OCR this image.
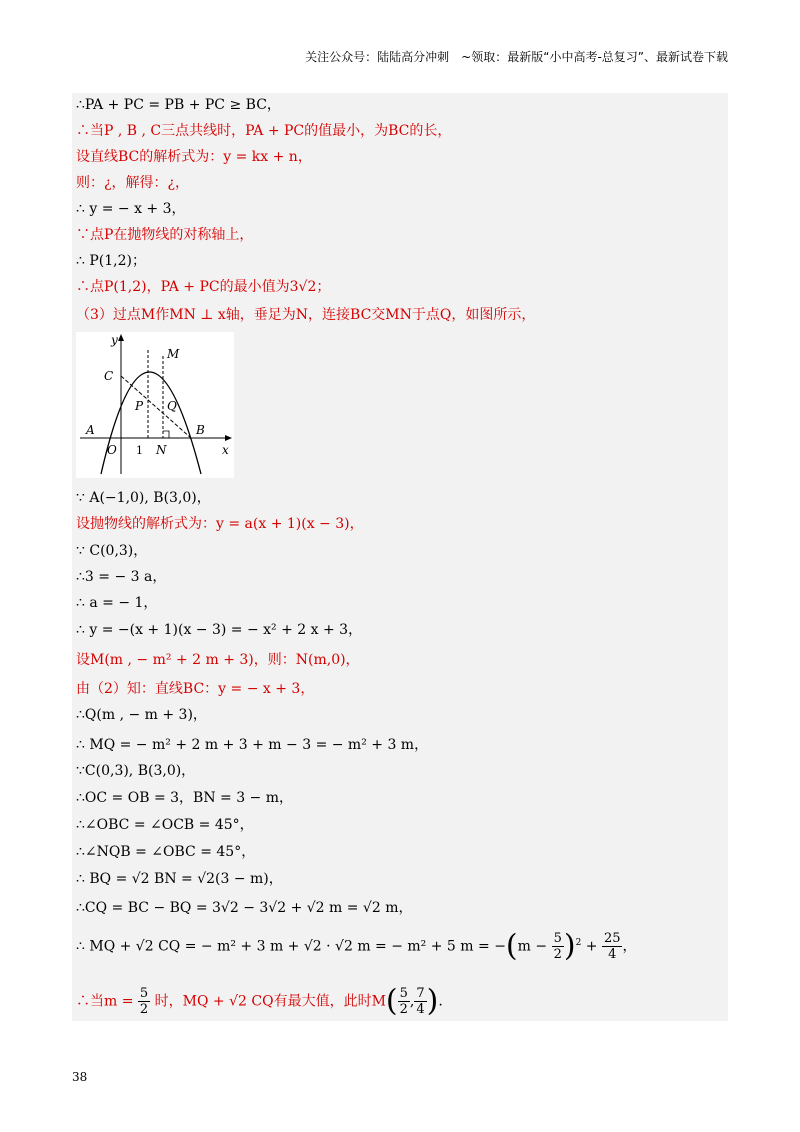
关注公众号：陆陆高分冲刺　~领取：最新版“小中高考-总复习”、最新试卷下载
∴PA + PC = PB + PC ≥ BC，
∴当P , B , C三点共线时，PA + PC的值最小，为BC的长，
设直线BC的解析式为：y = kx + n，
则：¿，解得：¿，
∴ y = − x + 3，
∵点P在抛物线的对称轴上，
∴ P(1,2)；
∴点P(1,2)，PA + PC的最小值为3√2；
（3）过点M作MN ⊥ x轴，垂足为N，连接BC交MN于点Q，如图所示，
∵ A(−1,0), B(3,0)，
设抛物线的解析式为：y = a(x + 1)(x − 3)，
∵ C(0,3)，
∴3 = − 3 a，
∴ a = − 1，
∴ y = −(x + 1)(x − 3) = − x² + 2 x + 3，
设M(m , − m² + 2 m + 3)，则：N(m,0)，
由（2）知：直线BC：y = − x + 3，
∴Q(m , − m + 3)，
∴ MQ = − m² + 2 m + 3 + m − 3 = − m² + 3 m，
∵C(0,3), B(3,0)，
∴OC = OB = 3，BN = 3 − m，
∴∠OBC = ∠OCB = 45°，
∴∠NQB = ∠OBC = 45°，
∴ BQ = √2 BN = √2(3 − m)，
∴CQ = BC − BQ = 3√2 − 3√2 + √2 m = √2 m，
∴ MQ + √2 CQ = − m² + 3 m + √2 · √2 m = − m² + 5 $m = -(m - \frac{5}{2} )^2 + \frac{25}{4}$ ，
∴当$m = \frac{5}{2}$ 时，MQ + √2 CQ有最大值，此时$M( \frac{5}{2}$ , $\frac{7}{4}$ ).
y
x
C
M
P Q
A	B
O 1 N
38
